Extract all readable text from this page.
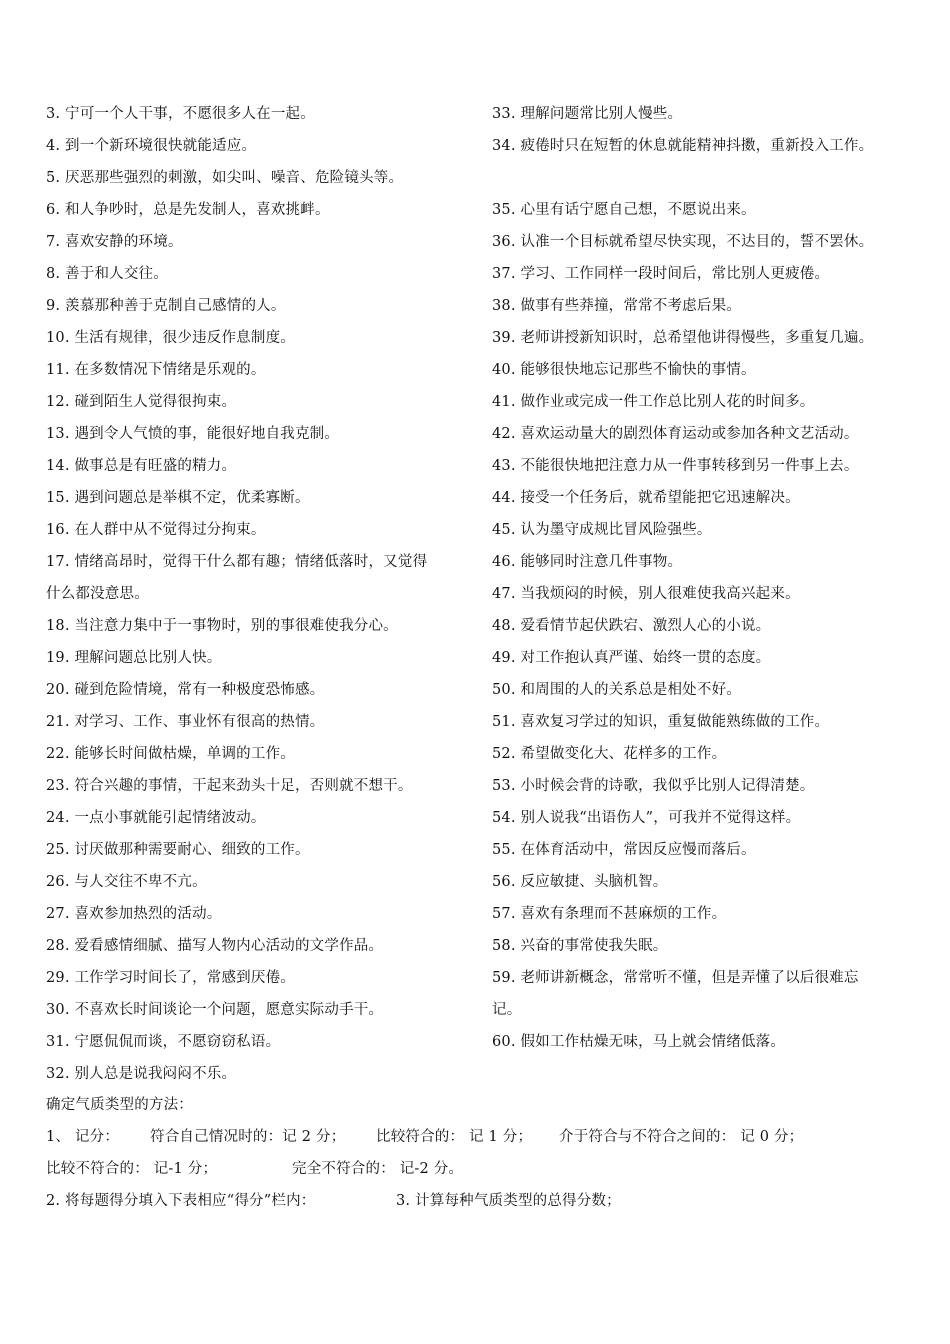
3. 宁可一个人干事，不愿很多人在一起。
4. 到一个新环境很快就能适应。
5. 厌恶那些强烈的刺激，如尖叫、噪音、危险镜头等。
6. 和人争吵时，总是先发制人，喜欢挑衅。
7. 喜欢安静的环境。
8. 善于和人交往。
9. 羡慕那种善于克制自己感情的人。
10. 生活有规律，很少违反作息制度。
11. 在多数情况下情绪是乐观的。
12. 碰到陌生人觉得很拘束。
13. 遇到令人气愤的事，能很好地自我克制。
14. 做事总是有旺盛的精力。
15. 遇到问题总是举棋不定，优柔寡断。
16. 在人群中从不觉得过分拘束。
17. 情绪高昂时，觉得干什么都有趣；情绪低落时，又觉得
什么都没意思。
18. 当注意力集中于一事物时，别的事很难使我分心。
19. 理解问题总比别人快。
20. 碰到危险情境，常有一种极度恐怖感。
21. 对学习、工作、事业怀有很高的热情。
22. 能够长时间做枯燥，单调的工作。
23. 符合兴趣的事情，干起来劲头十足，否则就不想干。
24. 一点小事就能引起情绪波动。
25. 讨厌做那种需要耐心、细致的工作。
26. 与人交往不卑不亢。
27. 喜欢参加热烈的活动。
28. 爱看感情细腻、描写人物内心活动的文学作品。
29. 工作学习时间长了，常感到厌倦。
30. 不喜欢长时间谈论一个问题，愿意实际动手干。
31. 宁愿侃侃而谈，不愿窃窃私语。
32. 别人总是说我闷闷不乐。
33. 理解问题常比别人慢些。
34. 疲倦时只在短暂的休息就能精神抖擞，重新投入工作。
35. 心里有话宁愿自己想，不愿说出来。
36. 认准一个目标就希望尽快实现，不达目的，誓不罢休。
37. 学习、工作同样一段时间后，常比别人更疲倦。
38. 做事有些莽撞，常常不考虑后果。
39. 老师讲授新知识时，总希望他讲得慢些，多重复几遍。
40. 能够很快地忘记那些不愉快的事情。
41. 做作业或完成一件工作总比别人花的时间多。
42. 喜欢运动量大的剧烈体育运动或参加各种文艺活动。
43. 不能很快地把注意力从一件事转移到另一件事上去。
44. 接受一个任务后，就希望能把它迅速解决。
45. 认为墨守成规比冒风险强些。
46. 能够同时注意几件事物。
47. 当我烦闷的时候，别人很难使我高兴起来。
48. 爱看情节起伏跌宕、激烈人心的小说。
49. 对工作抱认真严谨、始终一贯的态度。
50. 和周围的人的关系总是相处不好。
51. 喜欢复习学过的知识，重复做能熟练做的工作。
52. 希望做变化大、花样多的工作。
53. 小时候会背的诗歌，我似乎比别人记得清楚。
54. 别人说我“出语伤人”，可我并不觉得这样。
55. 在体育活动中，常因反应慢而落后。
56. 反应敏捷、头脑机智。
57. 喜欢有条理而不甚麻烦的工作。
58. 兴奋的事常使我失眠。
59. 老师讲新概念，常常听不懂，但是弄懂了以后很难忘
记。
60. 假如工作枯燥无味，马上就会情绪低落。
确定气质类型的方法：
1、 记分： 符合自己情况时的：记 2 分； 比较符合的： 记 1 分； 介于符合与不符合之间的： 记 0 分；
比较不符合的： 记-1 分；	完全不符合的： 记-2 分。
2. 将每题得分填入下表相应“得分”栏内：	3. 计算每种气质类型的总得分数；
